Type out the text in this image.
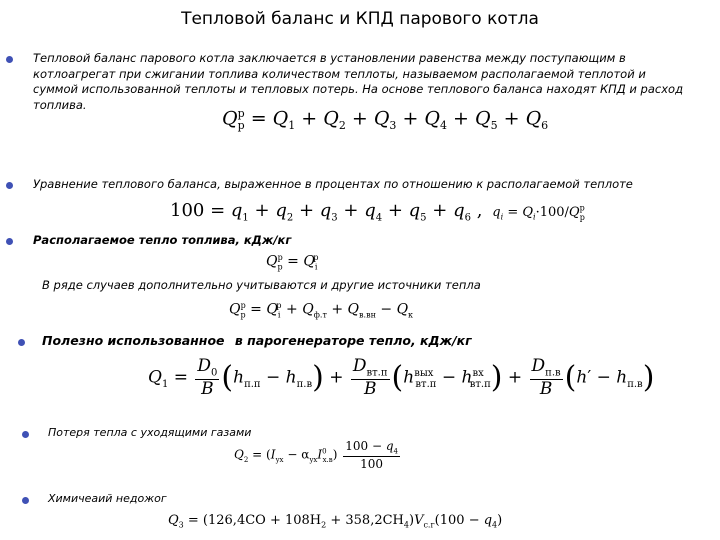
Тепловой баланс и КПД парового котла
Тепловой баланс парового котла заключается в установлении равенства между поступающим в котлоагрегат при сжигании топлива количеством теплоты, называемом располагаемой теплотой и суммой использованной теплоты и тепловых потерь. На основе теплового баланса находят КПД и расход топлива.
$Q_р^р = Q_1 + Q_2 + Q_3 + Q_4 + Q_5 + Q_6$
Уравнение теплового баланса, выраженное в процентах по отношению к располагаемой теплоте
$100 = q_1 + q_2 + q_3 + q_4 + q_5 + q_6$ ,  $q_i = Q_i\cdot 100/Q^р_р$
Располагаемое тепло топлива, кДж/кг
$Q_р^р = Q_i^р$
В ряде случаев дополнительно учитываются и другие источники тепла
$Q_р^р = Q_i^р + Q_{ф.т} + Q_{в.вн} - Q_к$
Полезно использованное в парогенераторе тепло, кДж/кг
$Q_1 = \frac{D_0}{B} (h_{п.п} - h_{п.в}) + \frac{D_{вт.п}}{B} (h^{вых}_{вт.п} - h^{вх}_{вт.п}) + \frac{D_{п.в}}{B} (h' - h_{п.в})$
Потеря тепла с уходящими газами
$Q_2 = (I_{ух} - \alpha_{ух}I^0_{х.в}) \frac{100 - q_4}{100}$
Химичеаий недожог
$Q_3 = (126,4CO + 108H_2 + 358,2CH_4)V_{с.г}(100 - q_4)$
